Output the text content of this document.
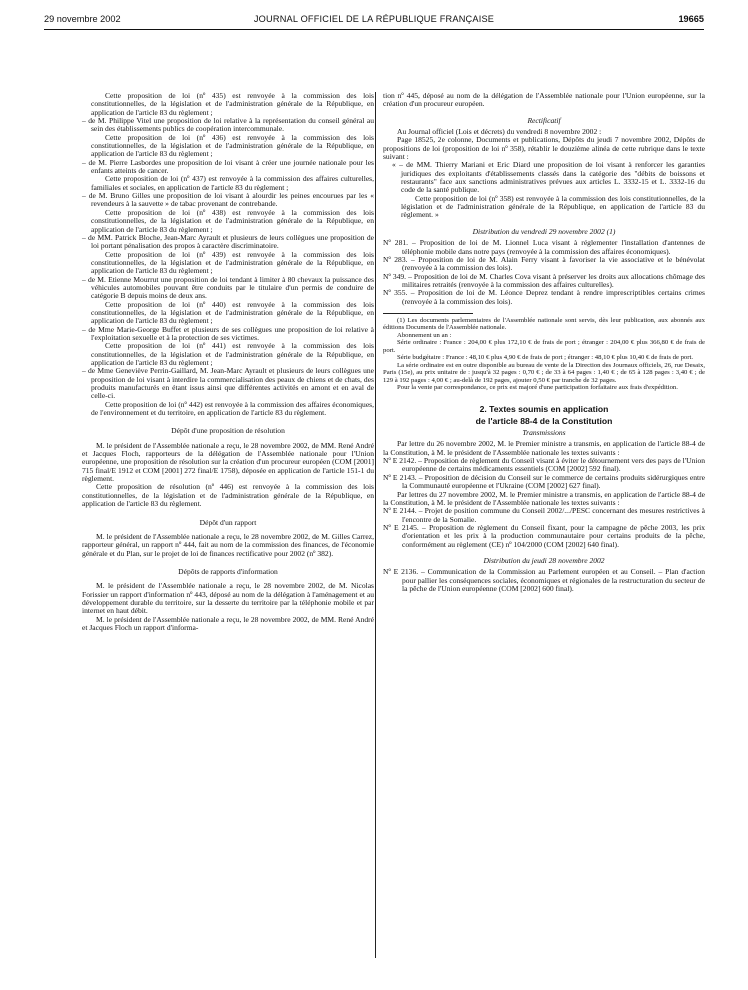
29 novembre 2002	JOURNAL OFFICIEL DE LA RÉPUBLIQUE FRANÇAISE	19665

Cette proposition de loi (nº 435) est renvoyée à la commission des lois constitutionnelles, de la législation et de l'administration générale de la République, en application de l'article 83 du règlement ;

– de M. Philippe Vitel une proposition de loi relative à la représentation du conseil général au sein des établissements publics de coopération intercommunale.

Cette proposition de loi (nº 436) est renvoyée à la commission des lois constitutionnelles, de la législation et de l'administration générale de la République, en application de l'article 83 du règlement ;

– de M. Pierre Lasbordes une proposition de loi visant à créer une journée nationale pour les enfants atteints de cancer.

Cette proposition de loi (nº 437) est renvoyée à la commission des affaires culturelles, familiales et sociales, en application de l'article 83 du règlement ;

– de M. Bruno Gilles une proposition de loi visant à alourdir les peines encourues par les « revendeurs à la sauvette » de tabac provenant de contrebande.

Cette proposition de loi (nº 438) est renvoyée à la commission des lois constitutionnelles, de la législation et de l'administration générale de la République, en application de l'article 83 du règlement ;

– de MM. Patrick Bloche, Jean-Marc Ayrault et plusieurs de leurs collègues une proposition de loi portant pénalisation des propos à caractère discriminatoire.

Cette proposition de loi (nº 439) est renvoyée à la commission des lois constitutionnelles, de la législation et de l'administration générale de la République, en application de l'article 83 du règlement ;

– de M. Etienne Mourrut une proposition de loi tendant à limiter à 80 chevaux la puissance des véhicules automobiles pouvant être conduits par le titulaire d'un permis de conduire de catégorie B depuis moins de deux ans.

Cette proposition de loi (nº 440) est renvoyée à la commission des lois constitutionnelles, de la législation et de l'administration générale de la République, en application de l'article 83 du règlement ;

– de Mme Marie-George Buffet et plusieurs de ses collègues une proposition de loi relative à l'exploitation sexuelle et à la protection de ses victimes.

Cette proposition de loi (nº 441) est renvoyée à la commission des lois constitutionnelles, de la législation et de l'administration générale de la République, en application de l'article 83 du règlement ;

– de Mme Geneviève Perrin-Gaillard, M. Jean-Marc Ayrault et plusieurs de leurs collègues une proposition de loi visant à interdire la commercialisation des peaux de chiens et de chats, des produits manufacturés en étant issus ainsi que différentes activités en amont et en aval de celle-ci.

Cette proposition de loi (nº 442) est renvoyée à la commission des affaires économiques, de l'environnement et du territoire, en application de l'article 83 du règlement.

Dépôt d'une proposition de résolution

M. le président de l'Assemblée nationale a reçu, le 28 novembre 2002, de MM. René André et Jacques Floch, rapporteurs de la délégation de l'Assemblée nationale pour l'Union européenne, une proposition de résolution sur la création d'un procureur européen (COM [2001] 715 final/E 1912 et COM [2001] 272 final/E 1758), déposée en application de l'article 151-1 du règlement.

Cette proposition de résolution (nº 446) est renvoyée à la commission des lois constitutionnelles, de la législation et de l'administration générale de la République, en application de l'article 83 du règlement.

Dépôt d'un rapport

M. le président de l'Assemblée nationale a reçu, le 28 novembre 2002, de M. Gilles Carrez, rapporteur général, un rapport nº 444, fait au nom de la commission des finances, de l'économie générale et du Plan, sur le projet de loi de finances rectificative pour 2002 (nº 382).

Dépôts de rapports d'information

M. le président de l'Assemblée nationale a reçu, le 28 novembre 2002, de M. Nicolas Forissier un rapport d'information nº 443, déposé au nom de la délégation à l'aménagement et au développement durable du territoire, sur la desserte du territoire par la téléphonie mobile et par internet en haut débit.

M. le président de l'Assemblée nationale a reçu, le 28 novembre 2002, de MM. René André et Jacques Floch un rapport d'informa-

tion nº 445, déposé au nom de la délégation de l'Assemblée nationale pour l'Union européenne, sur la création d'un procureur européen.

Rectificatif

Au Journal officiel (Lois et décrets) du vendredi 8 novembre 2002 :

Page 18525, 2e colonne, Documents et publications, Dépôts du jeudi 7 novembre 2002, Dépôts de propositions de loi (proposition de loi nº 358), rétablir le douzième alinéa de cette rubrique dans le texte suivant :

« – de MM. Thierry Mariani et Eric Diard une proposition de loi visant à renforcer les garanties juridiques des exploitants d'établissements classés dans la catégorie des "débits de boissons et restaurants" face aux sanctions administratives prévues aux articles L. 3332-15 et L. 3332-16 du code de la santé publique.

Cette proposition de loi (nº 358) est renvoyée à la commission des lois constitutionnelles, de la législation et de l'administration générale de la République, en application de l'article 83 du règlement. »

Distribution du vendredi 29 novembre 2002 (1)

Nº 281. – Proposition de loi de M. Lionnel Luca visant à réglementer l'installation d'antennes de téléphonie mobile dans notre pays (renvoyée à la commission des affaires économiques).

Nº 283. – Proposition de loi de M. Alain Ferry visant à favoriser la vie associative et le bénévolat (renvoyée à la commission des lois).

Nº 349. – Proposition de loi de M. Charles Cova visant à préserver les droits aux allocations chômage des militaires retraités (renvoyée à la commission des affaires culturelles).

Nº 355. – Proposition de loi de M. Léonce Deprez tendant à rendre imprescriptibles certains crimes (renvoyée à la commission des lois).

(1) Les documents parlementaires de l'Assemblée nationale sont servis, dès leur publication, aux abonnés aux éditions Documents de l'Assemblée nationale.

Abonnement un an :

Série ordinaire : France : 204,00 € plus 172,10 € de frais de port ; étranger : 204,00 € plus 366,80 € de frais de port.

Série budgétaire : France : 48,10 € plus 4,90 € de frais de port ; étranger : 48,10 € plus 10,40 € de frais de port.

La série ordinaire est en outre disponible au bureau de vente de la Direction des Journaux officiels, 26, rue Desaix, Paris (15e), au prix unitaire de : jusqu'à 32 pages : 0,70 € ; de 33 à 64 pages : 1,40 € ; de 65 à 128 pages : 3,40 € ; de 129 à 192 pages : 4,00 € ; au-delà de 192 pages, ajouter 0,50 € par tranche de 32 pages.

Pour la vente par correspondance, ce prix est majoré d'une participation forfaitaire aux frais d'expédition.

2. Textes soumis en application

de l'article 88-4 de la Constitution

Transmissions

Par lettre du 26 novembre 2002, M. le Premier ministre a transmis, en application de l'article 88-4 de la Constitution, à M. le président de l'Assemblée nationale les textes suivants :

Nº E 2142. – Proposition de règlement du Conseil visant à éviter le détournement vers des pays de l'Union européenne de certains médicaments essentiels (COM [2002] 592 final).

Nº E 2143. – Proposition de décision du Conseil sur le commerce de certains produits sidérurgiques entre la Communauté européenne et l'Ukraine (COM [2002] 627 final).

Par lettres du 27 novembre 2002, M. le Premier ministre a transmis, en application de l'article 88-4 de la Constitution, à M. le président de l'Assemblée nationale les textes suivants :

Nº E 2144. – Projet de position commune du Conseil 2002/.../PESC concernant des mesures restrictives à l'encontre de la Somalie.

Nº E 2145. – Proposition de règlement du Conseil fixant, pour la campagne de pêche 2003, les prix d'orientation et les prix à la production communautaire pour certains produits de la pêche, conformément au règlement (CE) nº 104/2000 (COM [2002] 640 final).

Distribution du jeudi 28 novembre 2002

Nº E 2136. – Communication de la Commission au Parlement européen et au Conseil. – Plan d'action pour pallier les conséquences sociales, économiques et régionales de la restructuration du secteur de la pêche de l'Union européenne (COM [2002] 600 final).
